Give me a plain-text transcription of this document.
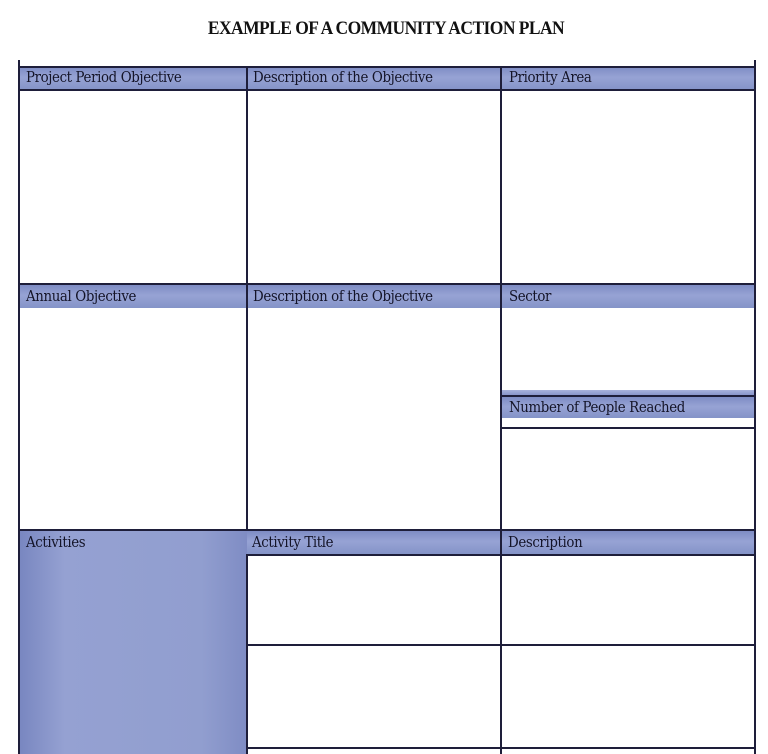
EXAMPLE OF A COMMUNITY ACTION PLAN
Project Period Objective	Description of the Objective	Priority Area
Annual Objective	Description of the Objective	Sector
Number of People Reached
Activities	Activity Title	Description
